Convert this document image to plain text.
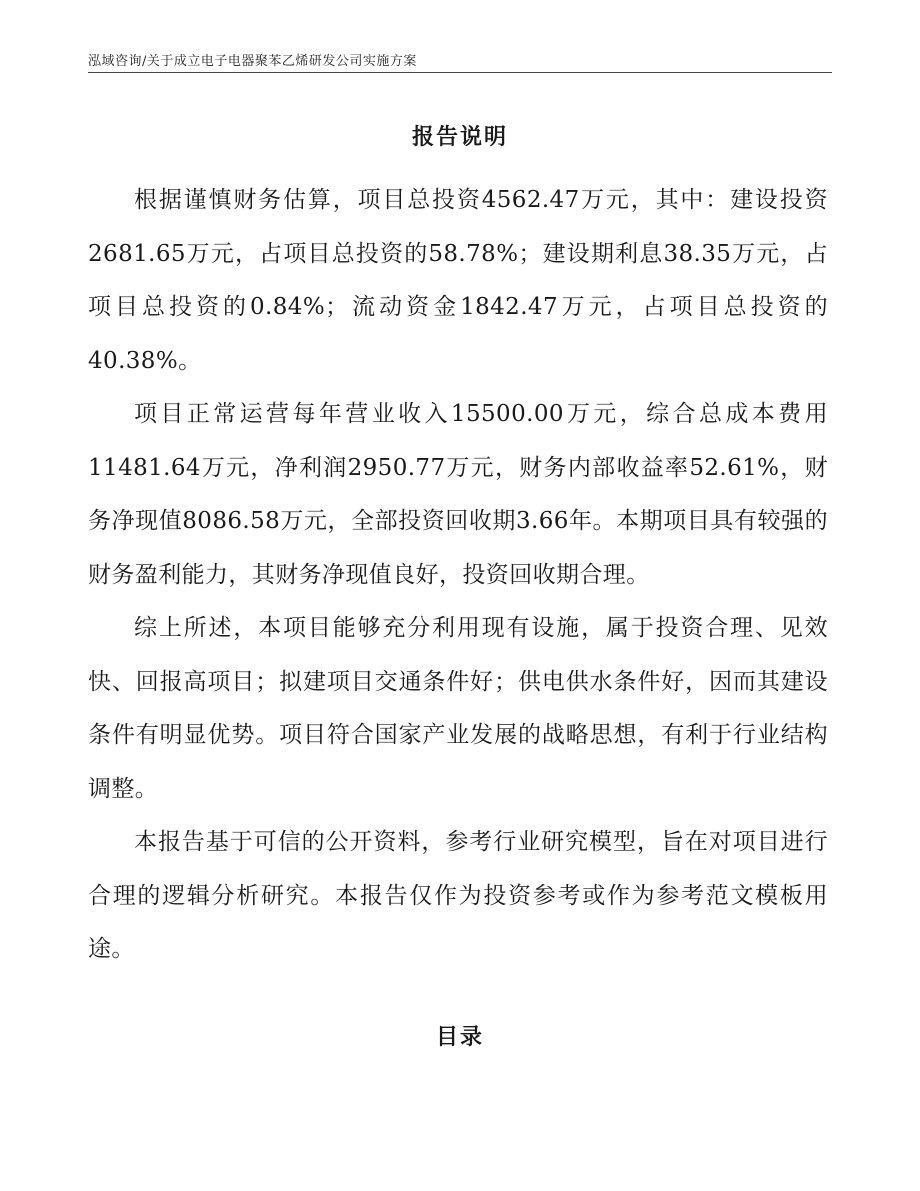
泓域咨询/关于成立电子电器聚苯乙烯研发公司实施方案
报告说明

根据谨慎财务估算，项目总投资4562.47万元，其中：建设投资2681.65万元，占项目总投资的58.78%；建设期利息38.35万元，占项目总投资的0.84%；流动资金1842.47万元，占项目总投资的40.38%。

项目正常运营每年营业收入15500.00万元，综合总成本费用11481.64万元，净利润2950.77万元，财务内部收益率52.61%，财务净现值8086.58万元，全部投资回收期3.66年。本期项目具有较强的财务盈利能力，其财务净现值良好，投资回收期合理。

综上所述，本项目能够充分利用现有设施，属于投资合理、见效快、回报高项目；拟建项目交通条件好；供电供水条件好，因而其建设条件有明显优势。项目符合国家产业发展的战略思想，有利于行业结构调整。

本报告基于可信的公开资料，参考行业研究模型，旨在对项目进行合理的逻辑分析研究。本报告仅作为投资参考或作为参考范文模板用途。

目录
